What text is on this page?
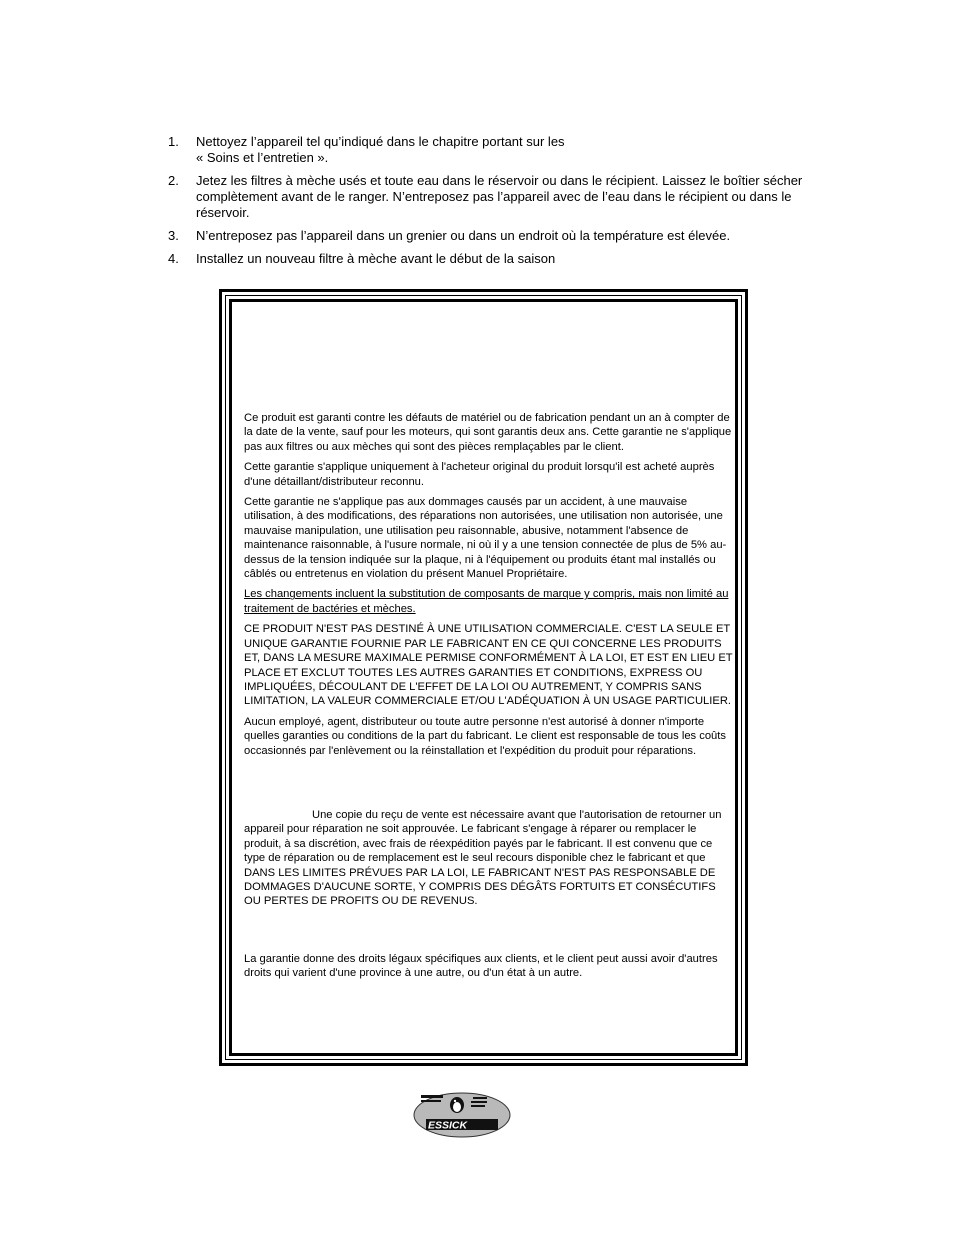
1. Nettoyez l’appareil tel qu’indiqué dans le chapitre portant sur les
« Soins et l’entretien ».
2. Jetez les filtres à mèche usés et toute eau dans le réservoir ou dans le récipient. Laissez le boîtier sécher complètement avant de le ranger. N’entreposez pas l’appareil avec de l’eau dans le récipient ou dans le réservoir.
3. N’entreposez pas l’appareil dans un grenier ou dans un endroit où la température est élevée.
4. Installez un nouveau filtre à mèche avant le début de la saison

Ce produit est garanti contre les défauts de matériel ou de fabrication pendant un an à compter de la date de la vente, sauf pour les moteurs, qui sont garantis deux ans. Cette garantie ne s'applique pas aux filtres ou aux mèches qui sont des pièces remplaçables par le client.

Cette garantie s'applique uniquement à l'acheteur original du produit lorsqu'il est acheté auprès d'une détaillant/distributeur reconnu.

Cette garantie ne s'applique pas aux dommages causés par un accident, à une mauvaise utilisation, à des modifications, des réparations non autorisées, une utilisation non autorisée, une mauvaise manipulation, une utilisation peu raisonnable, abusive, notamment l'absence de maintenance raisonnable, à l'usure normale, ni où il y a une tension connectée de plus de 5% au-dessus de la tension indiquée sur la plaque, ni à l'équipement ou produits étant mal installés ou câblés ou entretenus en violation du présent Manuel Propriétaire.

Les changements incluent la substitution de composants de marque y compris, mais non limité au traitement de bactéries et mèches.

CE PRODUIT N'EST PAS DESTINÉ À UNE UTILISATION COMMERCIALE. C'EST LA SEULE ET UNIQUE GARANTIE FOURNIE PAR LE FABRICANT EN CE QUI CONCERNE LES PRODUITS ET, DANS LA MESURE MAXIMALE PERMISE CONFORMÉMENT À LA LOI, ET EST EN LIEU ET PLACE ET EXCLUT TOUTES LES AUTRES GARANTIES ET CONDITIONS, EXPRESS OU IMPLIQUÉES, DÉCOULANT DE L'EFFET DE LA LOI OU AUTREMENT, Y COMPRIS SANS LIMITATION, LA VALEUR COMMERCIALE ET/OU L'ADÉQUATION À UN USAGE PARTICULIER.

Aucun employé, agent, distributeur ou toute autre personne n'est autorisé à donner n'importe quelles garanties ou conditions de la part du fabricant. Le client est responsable de tous les coûts occasionnés par l'enlèvement ou la réinstallation et l'expédition du produit pour réparations.

Une copie du reçu de vente est nécessaire avant que l'autorisation de retourner un appareil pour réparation ne soit approuvée. Le fabricant s'engage à réparer ou remplacer le produit, à sa discrétion, avec frais de réexpédition payés par le fabricant. Il est convenu que ce type de réparation ou de remplacement est le seul recours disponible chez le fabricant et que DANS LES LIMITES PRÉVUES PAR LA LOI, LE FABRICANT N'EST PAS RESPONSABLE DE DOMMAGES D'AUCUNE SORTE, Y COMPRIS DES DÉGÂTS FORTUITS ET CONSÉCUTIFS OU PERTES DE PROFITS OU DE REVENUS.

La garantie donne des droits légaux spécifiques aux clients, et le client peut aussi avoir d'autres droits qui varient d'une province à une autre, ou d'un état à un autre.

ESSICK
